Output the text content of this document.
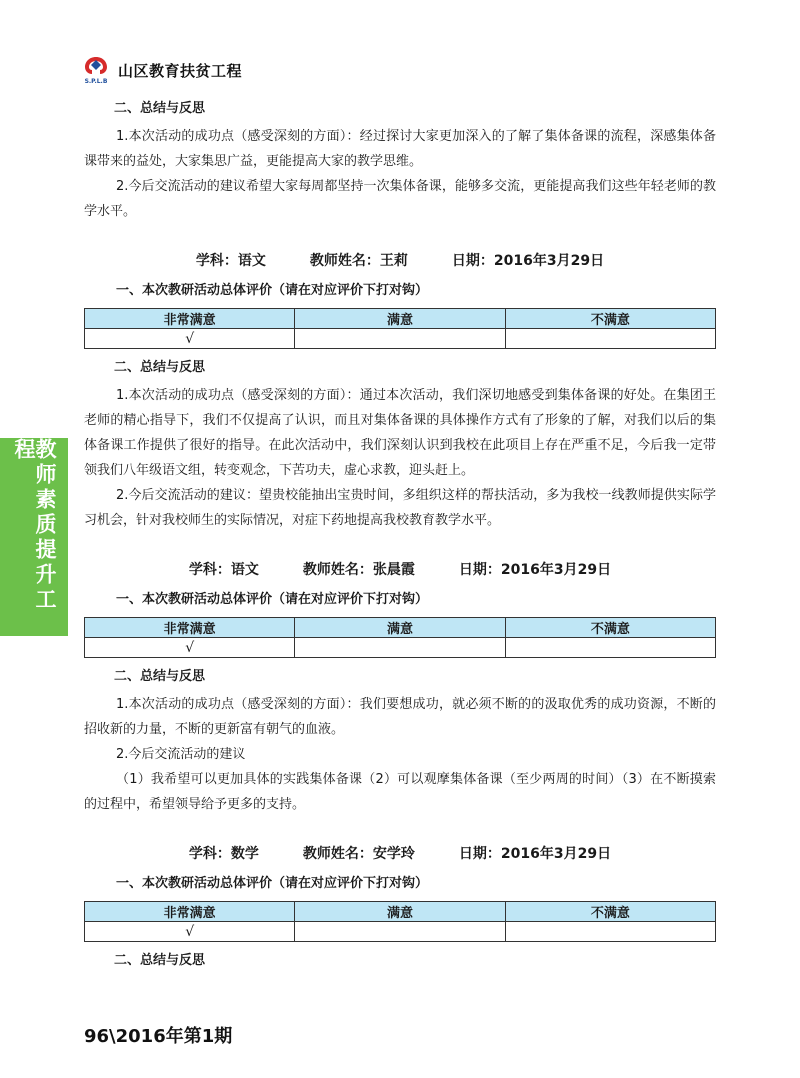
S.P.L.B
山区教育扶贫工程
教师素质提升工程
二、总结与反思

1.本次活动的成功点（感受深刻的方面）：经过探讨大家更加深入的了解了集体备课的流程，深感集体备课带来的益处，大家集思广益，更能提高大家的教学思维。

2.今后交流活动的建议希望大家每周都坚持一次集体备课，能够多交流，更能提高我们这些年轻老师的教学水平。

学科：语文	教师姓名：王莉	日期：2016年3月29日
一、本次教研活动总体评价（请在对应评价下打对钩）
非常满意	满意	不满意
√		
二、总结与反思

1.本次活动的成功点（感受深刻的方面）：通过本次活动，我们深切地感受到集体备课的好处。在集团王老师的精心指导下，我们不仅提高了认识，而且对集体备课的具体操作方式有了形象的了解，对我们以后的集体备课工作提供了很好的指导。在此次活动中，我们深刻认识到我校在此项目上存在严重不足，今后我一定带领我们八年级语文组，转变观念，下苦功夫，虚心求教，迎头赶上。

2.今后交流活动的建议：望贵校能抽出宝贵时间，多组织这样的帮扶活动，多为我校一线教师提供实际学习机会，针对我校师生的实际情况，对症下药地提高我校教育教学水平。

学科：语文	教师姓名：张晨霞	日期：2016年3月29日
一、本次教研活动总体评价（请在对应评价下打对钩）
非常满意	满意	不满意
√		
二、总结与反思

1.本次活动的成功点（感受深刻的方面）：我们要想成功，就必须不断的的汲取优秀的成功资源，不断的招收新的力量，不断的更新富有朝气的血液。

2.今后交流活动的建议

（1）我希望可以更加具体的实践集体备课（2）可以观摩集体备课（至少两周的时间）（3）在不断摸索的过程中，希望领导给予更多的支持。

学科：数学	教师姓名：安学玲	日期：2016年3月29日
一、本次教研活动总体评价（请在对应评价下打对钩）
非常满意	满意	不满意
√		
二、总结与反思
96\2016年第1期
